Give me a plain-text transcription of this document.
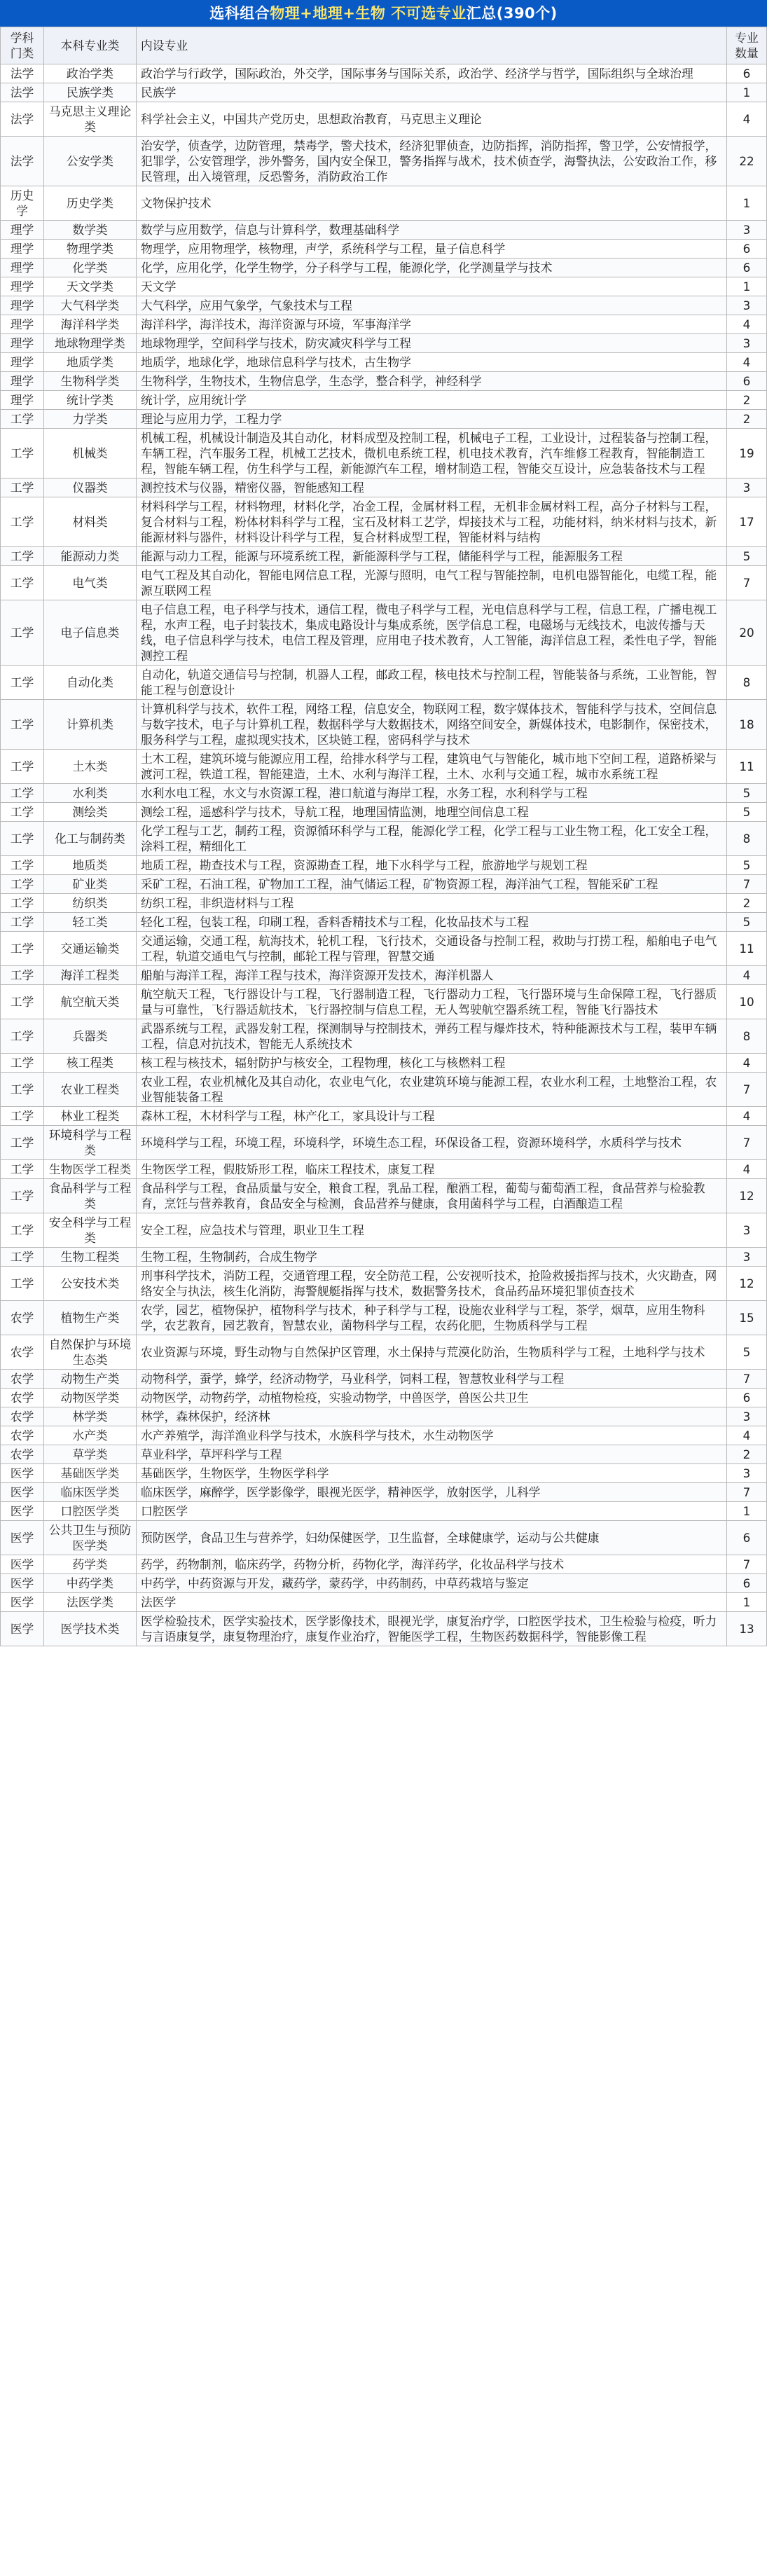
选科组合物理+地理+生物 不可选专业汇总(390个)
学科门类	本科专业类	内设专业	专业数量
法学	政治学类	政治学与行政学，国际政治，外交学，国际事务与国际关系，政治学、经济学与哲学，国际组织与全球治理	6
法学	民族学类	民族学	1
法学	马克思主义理论类	科学社会主义，中国共产党历史，思想政治教育，马克思主义理论	4
法学	公安学类	治安学，侦查学，边防管理，禁毒学，警犬技术，经济犯罪侦查，边防指挥，消防指挥，警卫学，公安情报学，犯罪学，公安管理学，涉外警务，国内安全保卫，警务指挥与战术，技术侦查学，海警执法，公安政治工作，移民管理，出入境管理，反恐警务，消防政治工作	22
历史学	历史学类	文物保护技术	1
理学	数学类	数学与应用数学，信息与计算科学，数理基础科学	3
理学	物理学类	物理学，应用物理学，核物理，声学，系统科学与工程，量子信息科学	6
理学	化学类	化学，应用化学，化学生物学，分子科学与工程，能源化学，化学测量学与技术	6
理学	天文学类	天文学	1
理学	大气科学类	大气科学，应用气象学，气象技术与工程	3
理学	海洋科学类	海洋科学，海洋技术，海洋资源与环境，军事海洋学	4
理学	地球物理学类	地球物理学，空间科学与技术，防灾减灾科学与工程	3
理学	地质学类	地质学，地球化学，地球信息科学与技术，古生物学	4
理学	生物科学类	生物科学，生物技术，生物信息学，生态学，整合科学，神经科学	6
理学	统计学类	统计学，应用统计学	2
工学	力学类	理论与应用力学，工程力学	2
工学	机械类	机械工程，机械设计制造及其自动化，材料成型及控制工程，机械电子工程，工业设计，过程装备与控制工程，车辆工程，汽车服务工程，机械工艺技术，微机电系统工程，机电技术教育，汽车维修工程教育，智能制造工程，智能车辆工程，仿生科学与工程，新能源汽车工程，增材制造工程，智能交互设计，应急装备技术与工程	19
工学	仪器类	测控技术与仪器，精密仪器，智能感知工程	3
工学	材料类	材料科学与工程，材料物理，材料化学，冶金工程，金属材料工程，无机非金属材料工程，高分子材料与工程，复合材料与工程，粉体材料科学与工程，宝石及材料工艺学，焊接技术与工程，功能材料，纳米材料与技术，新能源材料与器件，材料设计科学与工程，复合材料成型工程，智能材料与结构	17
工学	能源动力类	能源与动力工程，能源与环境系统工程，新能源科学与工程，储能科学与工程，能源服务工程	5
工学	电气类	电气工程及其自动化，智能电网信息工程，光源与照明，电气工程与智能控制，电机电器智能化，电缆工程，能源互联网工程	7
工学	电子信息类	电子信息工程，电子科学与技术，通信工程，微电子科学与工程，光电信息科学与工程，信息工程，广播电视工程，水声工程，电子封装技术，集成电路设计与集成系统，医学信息工程，电磁场与无线技术，电波传播与天线，电子信息科学与技术，电信工程及管理，应用电子技术教育，人工智能，海洋信息工程，柔性电子学，智能测控工程	20
工学	自动化类	自动化，轨道交通信号与控制，机器人工程，邮政工程，核电技术与控制工程，智能装备与系统，工业智能，智能工程与创意设计	8
工学	计算机类	计算机科学与技术，软件工程，网络工程，信息安全，物联网工程，数字媒体技术，智能科学与技术，空间信息与数字技术，电子与计算机工程，数据科学与大数据技术，网络空间安全，新媒体技术，电影制作，保密技术，服务科学与工程，虚拟现实技术，区块链工程，密码科学与技术	18
工学	土木类	土木工程，建筑环境与能源应用工程，给排水科学与工程，建筑电气与智能化，城市地下空间工程，道路桥梁与渡河工程，铁道工程，智能建造，土木、水利与海洋工程，土木、水利与交通工程，城市水系统工程	11
工学	水利类	水利水电工程，水文与水资源工程，港口航道与海岸工程，水务工程，水利科学与工程	5
工学	测绘类	测绘工程，遥感科学与技术，导航工程，地理国情监测，地理空间信息工程	5
工学	化工与制药类	化学工程与工艺，制药工程，资源循环科学与工程，能源化学工程，化学工程与工业生物工程，化工安全工程，涂料工程，精细化工	8
工学	地质类	地质工程，勘查技术与工程，资源勘查工程，地下水科学与工程，旅游地学与规划工程	5
工学	矿业类	采矿工程，石油工程，矿物加工工程，油气储运工程，矿物资源工程，海洋油气工程，智能采矿工程	7
工学	纺织类	纺织工程，非织造材料与工程	2
工学	轻工类	轻化工程，包装工程，印刷工程，香料香精技术与工程，化妆品技术与工程	5
工学	交通运输类	交通运输，交通工程，航海技术，轮机工程，飞行技术，交通设备与控制工程，救助与打捞工程，船舶电子电气工程，轨道交通电气与控制，邮轮工程与管理，智慧交通	11
工学	海洋工程类	船舶与海洋工程，海洋工程与技术，海洋资源开发技术，海洋机器人	4
工学	航空航天类	航空航天工程，飞行器设计与工程，飞行器制造工程，飞行器动力工程，飞行器环境与生命保障工程，飞行器质量与可靠性，飞行器适航技术，飞行器控制与信息工程，无人驾驶航空器系统工程，智能飞行器技术	10
工学	兵器类	武器系统与工程，武器发射工程，探测制导与控制技术，弹药工程与爆炸技术，特种能源技术与工程，装甲车辆工程，信息对抗技术，智能无人系统技术	8
工学	核工程类	核工程与核技术，辐射防护与核安全，工程物理，核化工与核燃料工程	4
工学	农业工程类	农业工程，农业机械化及其自动化，农业电气化，农业建筑环境与能源工程，农业水利工程，土地整治工程，农业智能装备工程	7
工学	林业工程类	森林工程，木材科学与工程，林产化工，家具设计与工程	4
工学	环境科学与工程类	环境科学与工程，环境工程，环境科学，环境生态工程，环保设备工程，资源环境科学，水质科学与技术	7
工学	生物医学工程类	生物医学工程，假肢矫形工程，临床工程技术，康复工程	4
工学	食品科学与工程类	食品科学与工程，食品质量与安全，粮食工程，乳品工程，酿酒工程，葡萄与葡萄酒工程，食品营养与检验教育，烹饪与营养教育，食品安全与检测，食品营养与健康，食用菌科学与工程，白酒酿造工程	12
工学	安全科学与工程类	安全工程，应急技术与管理，职业卫生工程	3
工学	生物工程类	生物工程，生物制药，合成生物学	3
工学	公安技术类	刑事科学技术，消防工程，交通管理工程，安全防范工程，公安视听技术，抢险救援指挥与技术，火灾勘查，网络安全与执法，核生化消防，海警舰艇指挥与技术，数据警务技术，食品药品环境犯罪侦查技术	12
农学	植物生产类	农学，园艺，植物保护，植物科学与技术，种子科学与工程，设施农业科学与工程，茶学，烟草，应用生物科学，农艺教育，园艺教育，智慧农业，菌物科学与工程，农药化肥，生物质科学与工程	15
农学	自然保护与环境生态类	农业资源与环境，野生动物与自然保护区管理，水土保持与荒漠化防治，生物质科学与工程，土地科学与技术	5
农学	动物生产类	动物科学，蚕学，蜂学，经济动物学，马业科学，饲料工程，智慧牧业科学与工程	7
农学	动物医学类	动物医学，动物药学，动植物检疫，实验动物学，中兽医学，兽医公共卫生	6
农学	林学类	林学，森林保护，经济林	3
农学	水产类	水产养殖学，海洋渔业科学与技术，水族科学与技术，水生动物医学	4
农学	草学类	草业科学，草坪科学与工程	2
医学	基础医学类	基础医学，生物医学，生物医学科学	3
医学	临床医学类	临床医学，麻醉学，医学影像学，眼视光医学，精神医学，放射医学，儿科学	7
医学	口腔医学类	口腔医学	1
医学	公共卫生与预防医学类	预防医学，食品卫生与营养学，妇幼保健医学，卫生监督，全球健康学，运动与公共健康	6
医学	药学类	药学，药物制剂，临床药学，药物分析，药物化学，海洋药学，化妆品科学与技术	7
医学	中药学类	中药学，中药资源与开发，藏药学，蒙药学，中药制药，中草药栽培与鉴定	6
医学	法医学类	法医学	1
医学	医学技术类	医学检验技术，医学实验技术，医学影像技术，眼视光学，康复治疗学，口腔医学技术，卫生检验与检疫，听力与言语康复学，康复物理治疗，康复作业治疗，智能医学工程，生物医药数据科学，智能影像工程	13
